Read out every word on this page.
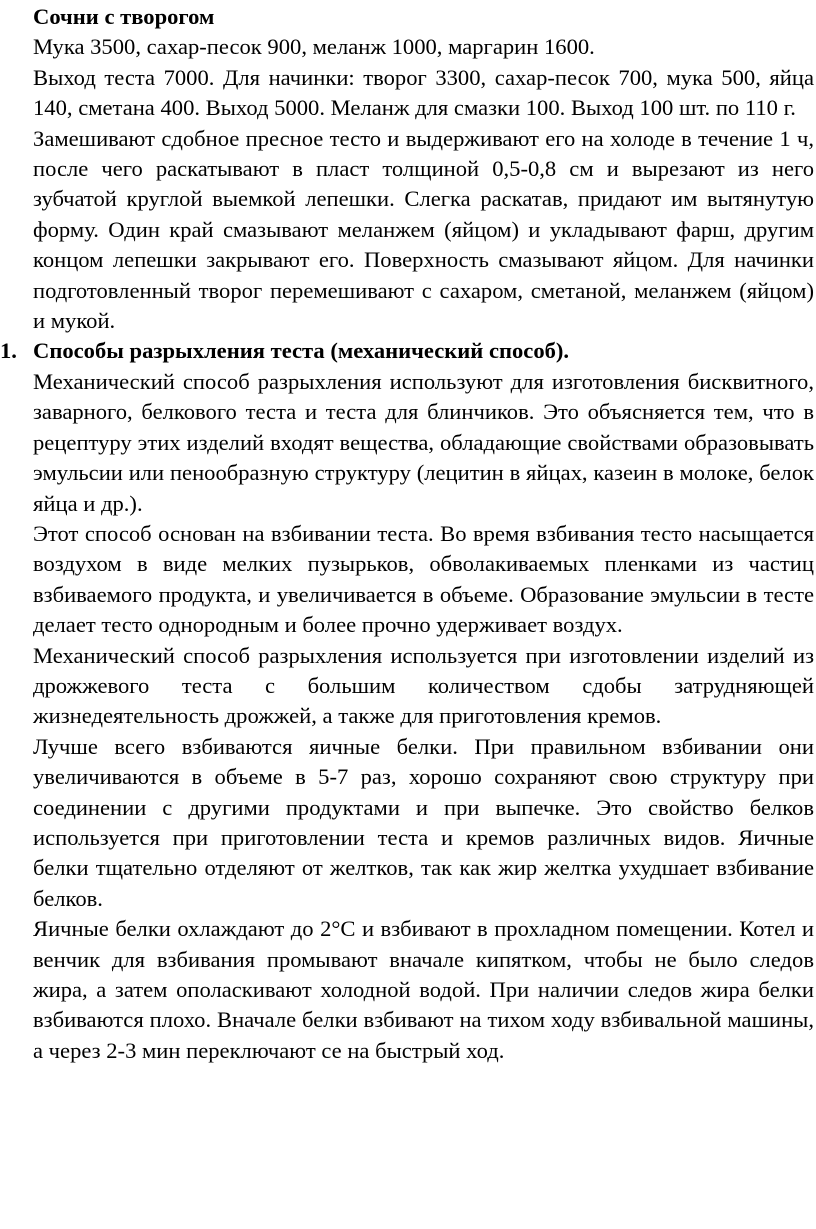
Сочни с творогом

Мука 3500, сахар-песок 900, меланж 1000, маргарин 1600.

Выход теста 7000. Для начинки: творог 3300, сахар-песок 700, мука 500, яйца 140, сметана 400. Выход 5000. Меланж для смазки 100. Выход 100 шт. по 110 г.

Замешивают сдобное пресное тесто и выдерживают его на холоде в течение 1 ч, после чего раскатывают в пласт толщиной 0,5-0,8 см и вырезают из него зубчатой круглой выемкой лепешки. Слегка раскатав, придают им вытянутую форму. Один край смазывают меланжем (яйцом) и укладывают фарш, другим концом лепешки закрывают его. Поверхность смазывают яйцом. Для начинки подготовленный творог перемешивают с сахаром, сметаной, меланжем (яйцом) и мукой.

1. Способы разрыхления теста (механический способ).

Механический способ разрыхления используют для изготовления бисквитного, заварного, белкового теста и теста для блинчиков. Это объясняется тем, что в рецептуру этих изделий входят вещества, обладающие свойствами образовывать эмульсии или пенообразную структуру (лецитин в яйцах, казеин в молоке, белок яйца и др.).

Этот способ основан на взбивании теста. Во время взбивания тесто насыщается воздухом в виде мелких пузырьков, обволакиваемых пленками из частиц взбиваемого продукта, и увеличивается в объеме. Образование эмульсии в тесте делает тесто однородным и более прочно удерживает воздух.

Механический способ разрыхления используется при изготовлении изделий из дрожжевого теста с большим количеством сдобы затрудняющей жизнедеятельность дрожжей, а также для приготовления кремов.

Лучше всего взбиваются яичные белки. При правильном взбивании они увеличиваются в объеме в 5-7 раз, хорошо сохраняют свою структуру при соединении с другими продуктами и при выпечке. Это свойство белков используется при приготовлении теста и кремов различных видов. Яичные белки тщательно отделяют от желтков, так как жир желтка ухудшает взбивание белков.

Яичные белки охлаждают до 2°С и взбивают в прохладном помещении. Котел и венчик для взбивания промывают вначале кипятком, чтобы не было следов жира, а затем ополаскивают холодной водой. При наличии следов жира белки взбиваются плохо. Вначале белки взбивают на тихом ходу взбивальной машины, а через 2-3 мин переключают се на быстрый ход.
